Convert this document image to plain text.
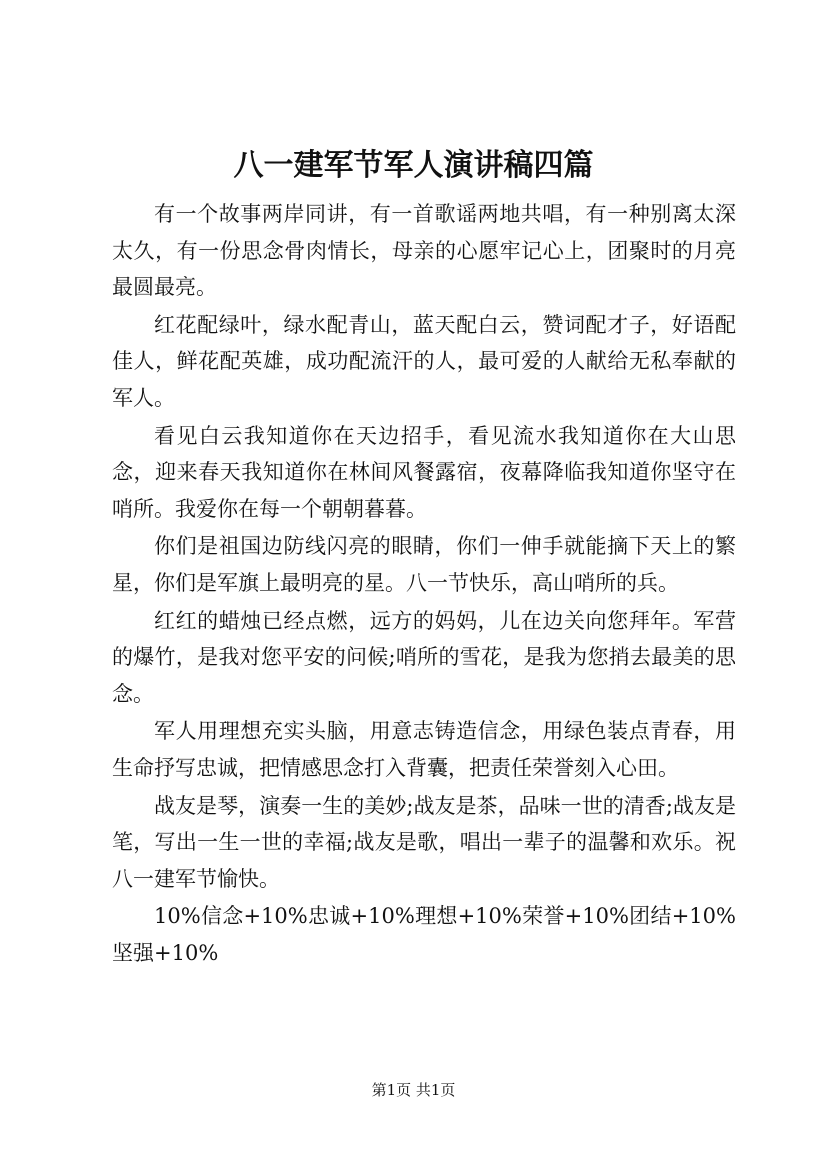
八一建军节军人演讲稿四篇

有一个故事两岸同讲，有一首歌谣两地共唱，有一种别离太深太久，有一份思念骨肉情长，母亲的心愿牢记心上，团聚时的月亮最圆最亮。

红花配绿叶，绿水配青山，蓝天配白云，赞词配才子，好语配佳人，鲜花配英雄，成功配流汗的人，最可爱的人献给无私奉献的军人。

看见白云我知道你在天边招手，看见流水我知道你在大山思念，迎来春天我知道你在林间风餐露宿，夜幕降临我知道你坚守在哨所。我爱你在每一个朝朝暮暮。

你们是祖国边防线闪亮的眼睛，你们一伸手就能摘下天上的繁星，你们是军旗上最明亮的星。八一节快乐，高山哨所的兵。

红红的蜡烛已经点燃，远方的妈妈，儿在边关向您拜年。军营的爆竹，是我对您平安的问候;哨所的雪花，是我为您捎去最美的思念。

军人用理想充实头脑，用意志铸造信念，用绿色装点青春，用生命抒写忠诚，把情感思念打入背囊，把责任荣誉刻入心田。

战友是琴，演奏一生的美妙;战友是茶，品味一世的清香;战友是笔，写出一生一世的幸福;战友是歌，唱出一辈子的温馨和欢乐。祝八一建军节愉快。

10%信念+10%忠诚+10%理想+10%荣誉+10%团结+10%坚强+10%

第1页 共1页
